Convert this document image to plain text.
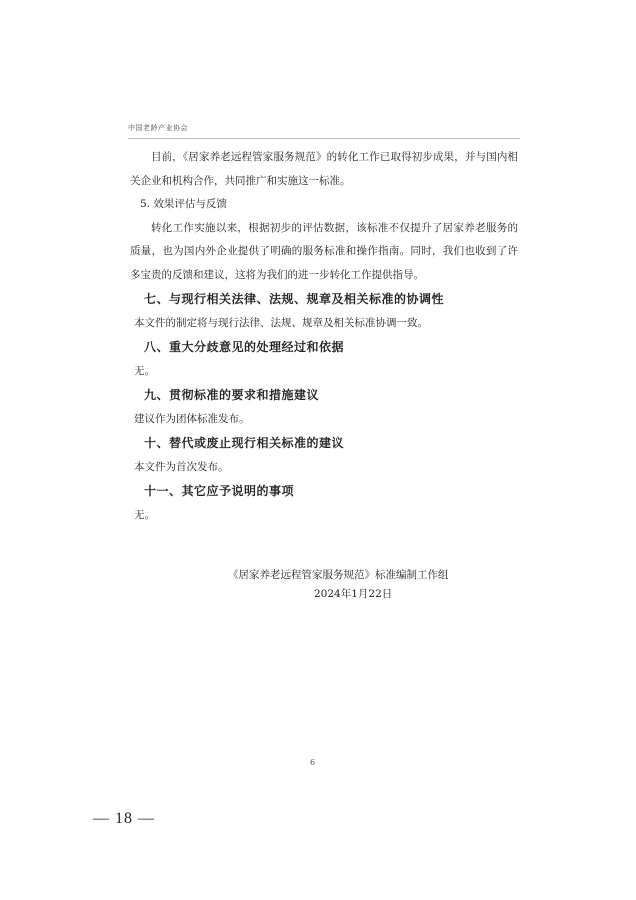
中国老龄产业协会

目前，《居家养老远程管家服务规范》的转化工作已取得初步成果，并与国内相关企业和机构合作，共同推广和实施这一标准。

5. 效果评估与反馈

转化工作实施以来，根据初步的评估数据，该标准不仅提升了居家养老服务的质量，也为国内外企业提供了明确的服务标准和操作指南。同时，我们也收到了许多宝贵的反馈和建议，这将为我们的进一步转化工作提供指导。

七、与现行相关法律、法规、规章及相关标准的协调性

本文件的制定将与现行法律、法规、规章及相关标准协调一致。

八、重大分歧意见的处理经过和依据

无。

九、贯彻标准的要求和措施建议

建议作为团体标准发布。

十、替代或废止现行相关标准的建议

本文件为首次发布。

十一、其它应予说明的事项

无。

《居家养老远程管家服务规范》标准编制工作组
2024年1月22日
6
— 18 —
